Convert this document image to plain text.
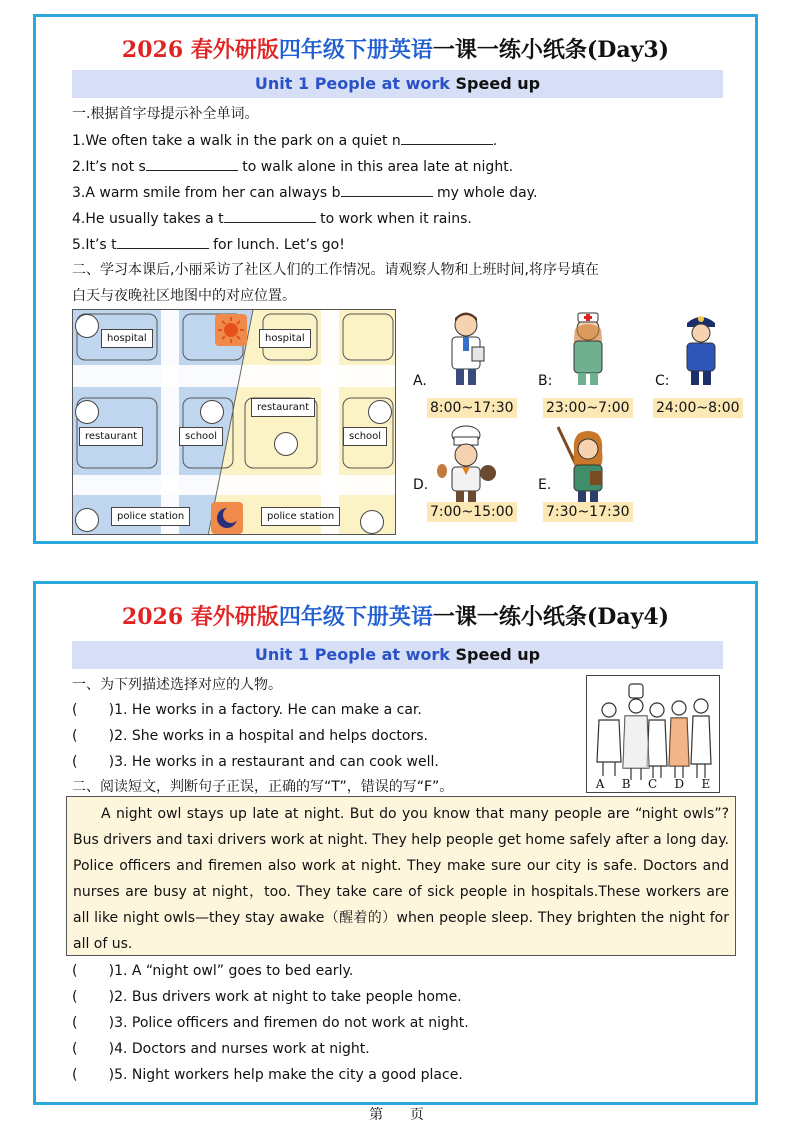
2026 春外研版四年级下册英语一课一练小纸条(Day3)
Unit 1 People at work Speed up
一.根据首字母提示补全单词。
1.We often take a walk in the park on a quiet n	.
2.It’s not s	to walk alone in this area late at night.
3.A warm smile from her can always b	my whole day.
4.He usually takes a t	to work when it rains.
5.It’s t	for lunch. Let’s go!
二、学习本课后,小丽采访了社区人们的工作情况。请观察人物和上班时间,将序号填在
白天与夜晚社区地图中的对应位置。
hospital	hospital
restaurant	school
restaurant
school
police station	police station
A.
8:00~17:30
B:
23:00~7:00
C:
24:00~8:00
D.
7:00~15:00
E.
7:30~17:30
2026 春外研版四年级下册英语一课一练小纸条(Day4)
Unit 1 People at work Speed up
一、为下列描述选择对应的人物。
(       )1. He works in a factory. He can make a car.
(       )2. She works in a hospital and helps doctors.
(       )3. He works in a restaurant and can cook well.
A B C D E
二、阅读短文，判断句子正误，正确的写“T”，错误的写“F”。
A night owl stays up late at night. But do you know that many people are “night owls”?Bus drivers and taxi drivers work at night. They help people get home safely after a long day. Police officers and firemen also work at night. They make sure our city is safe. Doctors and nurses are busy at night，too. They take care of sick people in hospitals.These workers are all like night owls—they stay awake（醒着的）when people sleep. They brighten the night for all of us.
(       )1. A “night owl” goes to bed early.
(       )2. Bus drivers work at night to take people home.
(       )3. Police officers and firemen do not work at night.
(       )4. Doctors and nurses work at night.
(       )5. Night workers help make the city a good place.
第      页
